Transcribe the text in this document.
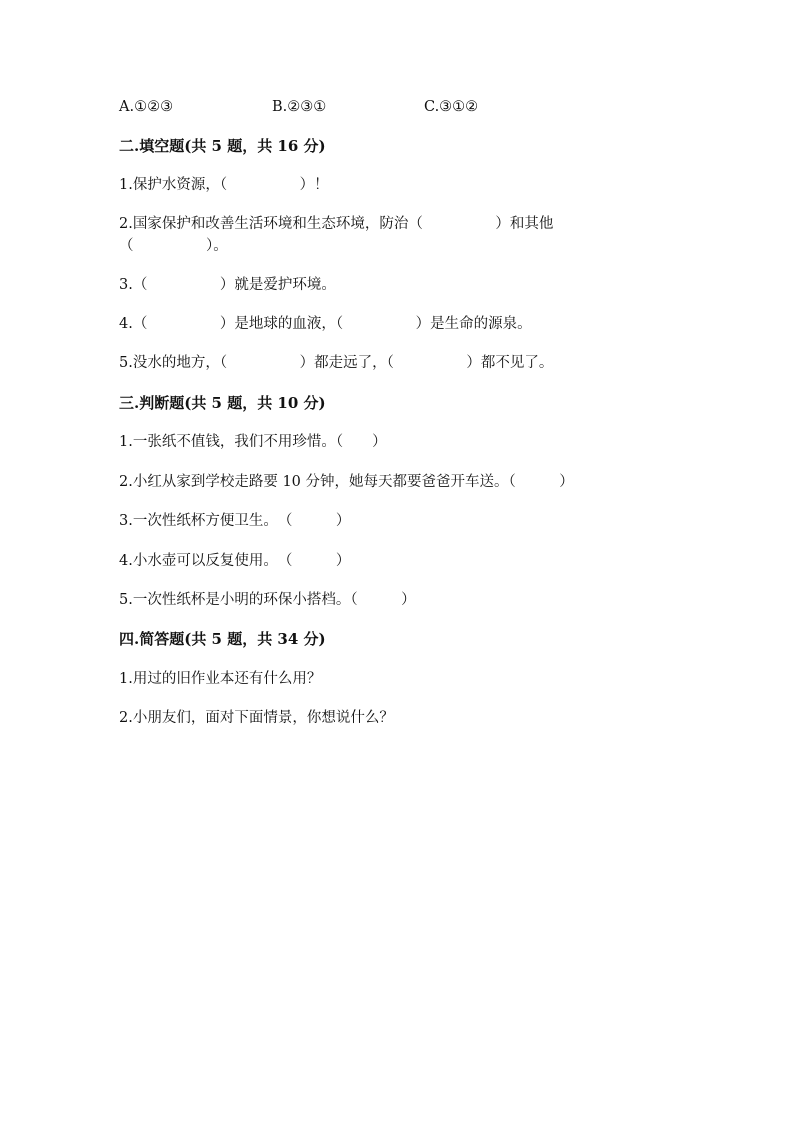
A.①②③	B.②③①	C.③①②
二.填空题(共 5 题，共 16 分)
1.保护水资源，（　　　　　）！
2.国家保护和改善生活环境和生态环境，防治（　　　　　）和其他
（　　　　　）。
3.（　　　　　）就是爱护环境。
4.（　　　　　）是地球的血液，（　　　　　）是生命的源泉。
5.没水的地方，（　　　　　）都走远了，（　　　　　）都不见了。
三.判断题(共 5 题，共 10 分)
1.一张纸不值钱，我们不用珍惜。（　　）
2.小红从家到学校走路要 10 分钟，她每天都要爸爸开车送。（　　　）
3.一次性纸杯方便卫生。　（　　　）
4.小水壶可以反复使用。　（　　　）
5.一次性纸杯是小明的环保小搭档。（　　　）
四.简答题(共 5 题，共 34 分)
1.用过的旧作业本还有什么用？
2.小朋友们，面对下面情景，你想说什么？
